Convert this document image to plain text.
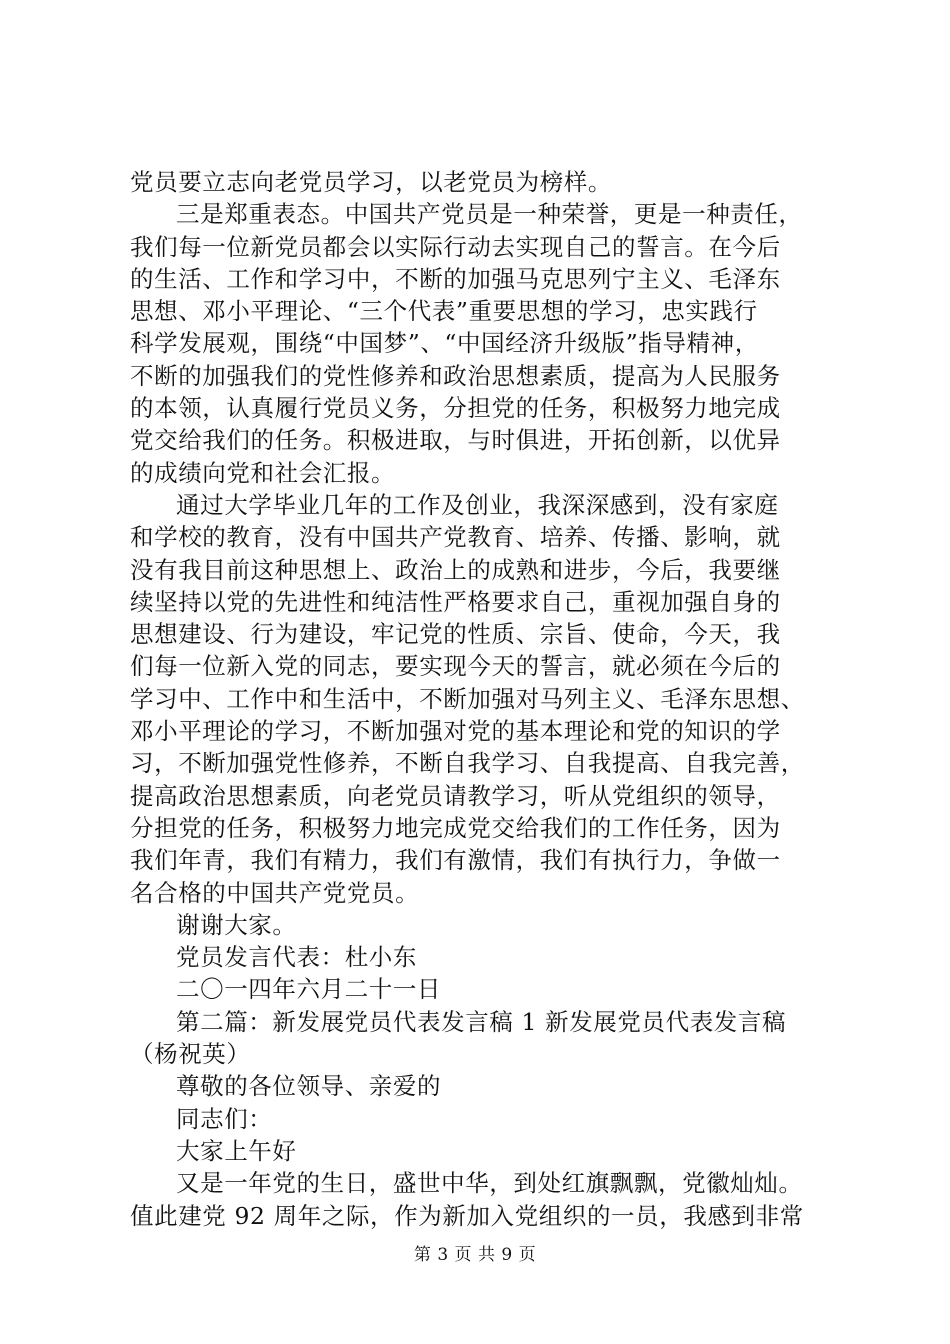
党员要立志向老党员学习，以老党员为榜样。
三是郑重表态。中国共产党员是一种荣誉，更是一种责任，
我们每一位新党员都会以实际行动去实现自己的誓言。在今后
的生活、工作和学习中，不断的加强马克思列宁主义、毛泽东
思想、邓小平理论、“三个代表”重要思想的学习，忠实践行
科学发展观，围绕“中国梦”、“中国经济升级版”指导精神，
不断的加强我们的党性修养和政治思想素质，提高为人民服务
的本领，认真履行党员义务，分担党的任务，积极努力地完成
党交给我们的任务。积极进取，与时俱进，开拓创新，以优异
的成绩向党和社会汇报。
通过大学毕业几年的工作及创业，我深深感到，没有家庭
和学校的教育，没有中国共产党教育、培养、传播、影响，就
没有我目前这种思想上、政治上的成熟和进步，今后，我要继
续坚持以党的先进性和纯洁性严格要求自己，重视加强自身的
思想建设、行为建设，牢记党的性质、宗旨、使命，今天，我
们每一位新入党的同志，要实现今天的誓言，就必须在今后的
学习中、工作中和生活中，不断加强对马列主义、毛泽东思想、
邓小平理论的学习，不断加强对党的基本理论和党的知识的学
习，不断加强党性修养，不断自我学习、自我提高、自我完善，
提高政治思想素质，向老党员请教学习，听从党组织的领导，
分担党的任务，积极努力地完成党交给我们的工作任务，因为
我们年青，我们有精力，我们有激情，我们有执行力，争做一
名合格的中国共产党党员。
谢谢大家。
党员发言代表：杜小东
二〇一四年六月二十一日
第二篇：新发展党员代表发言稿 1 新发展党员代表发言稿
（杨祝英）
尊敬的各位领导、亲爱的
同志们：
大家上午好
又是一年党的生日，盛世中华，到处红旗飘飘，党徽灿灿。
值此建党 92 周年之际，作为新加入党组织的一员，我感到非常
第 3 页 共 9 页
